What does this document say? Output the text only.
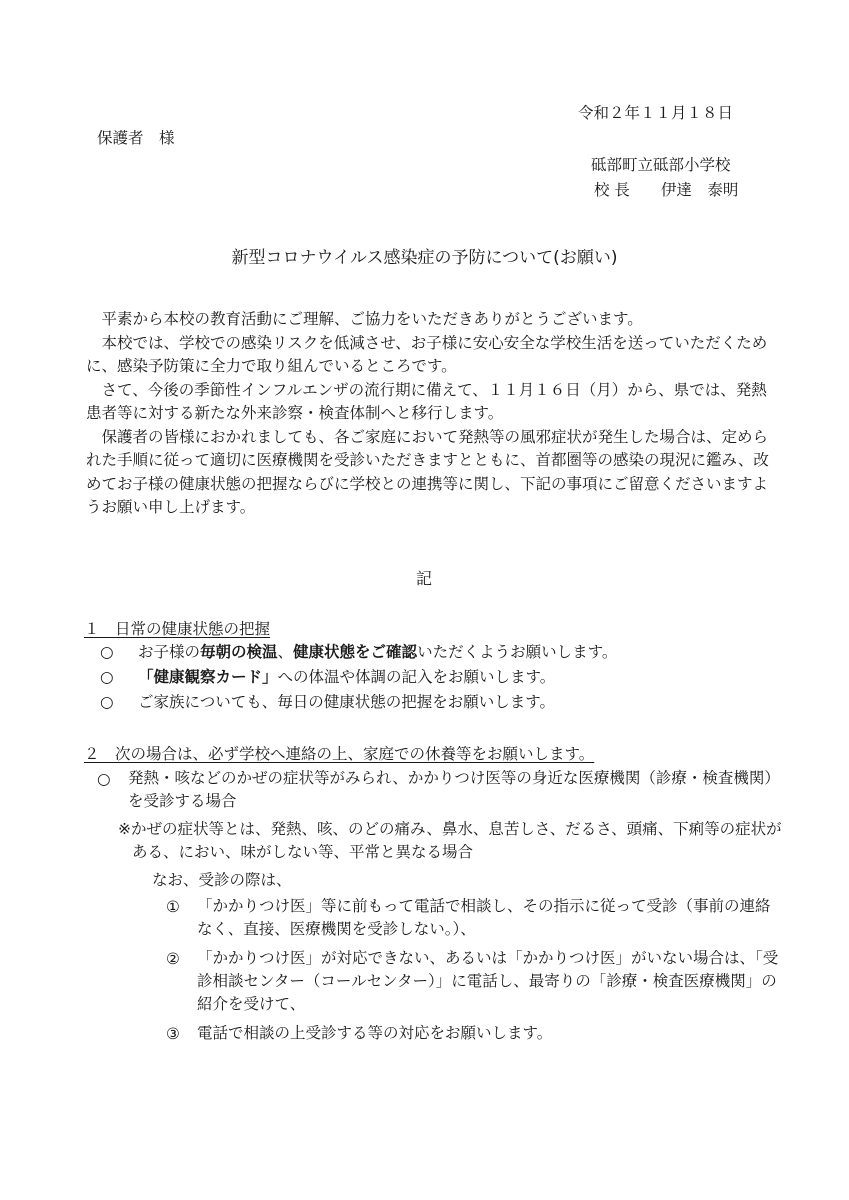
令和２年１１月１８日
保護者　様
砥部町立砥部小学校
校 長　　伊達　泰明
新型コロナウイルス感染症の予防について(お願い)

平素から本校の教育活動にご理解、ご協力をいただきありがとうございます。

本校では、学校での感染リスクを低減させ、お子様に安心安全な学校生活を送っていただくために、感染予防策に全力で取り組んでいるところです。

さて、今後の季節性インフルエンザの流行期に備えて、１１月１６日（月）から、県では、発熱患者等に対する新たな外来診察・検査体制へと移行します。

保護者の皆様におかれましても、各ご家庭において発熱等の風邪症状が発生した場合は、定められた手順に従って適切に医療機関を受診いただきますとともに、首都圏等の感染の現況に鑑み、改めてお子様の健康状態の把握ならびに学校との連携等に関し、下記の事項にご留意くださいますようお願い申し上げます。

記
１　日常の健康状態の把握
○ お子様の毎朝の検温、健康状態をご確認いただくようお願いします。
○ 「健康観察カード」への体温や体調の記入をお願いします。
○ ご家族についても、毎日の健康状態の把握をお願いします。
２　次の場合は、必ず学校へ連絡の上、家庭での休養等をお願いします。
○ 発熱・咳などのかぜの症状等がみられ、かかりつけ医等の身近な医療機関（診療・検査機関）を受診する場合
※かぜの症状等とは、発熱、咳、のどの痛み、鼻水、息苦しさ、だるさ、頭痛、下痢等の症状がある、におい、味がしない等、平常と異なる場合
なお、受診の際は、
① 「かかりつけ医」等に前もって電話で相談し、その指示に従って受診（事前の連絡なく、直接、医療機関を受診しない。）、
② 「かかりつけ医」が対応できない、あるいは「かかりつけ医」がいない場合は、「受診相談センター（コールセンター）」に電話し、最寄りの「診療・検査医療機関」の紹介を受けて、
③ 電話で相談の上受診する等の対応をお願いします。
